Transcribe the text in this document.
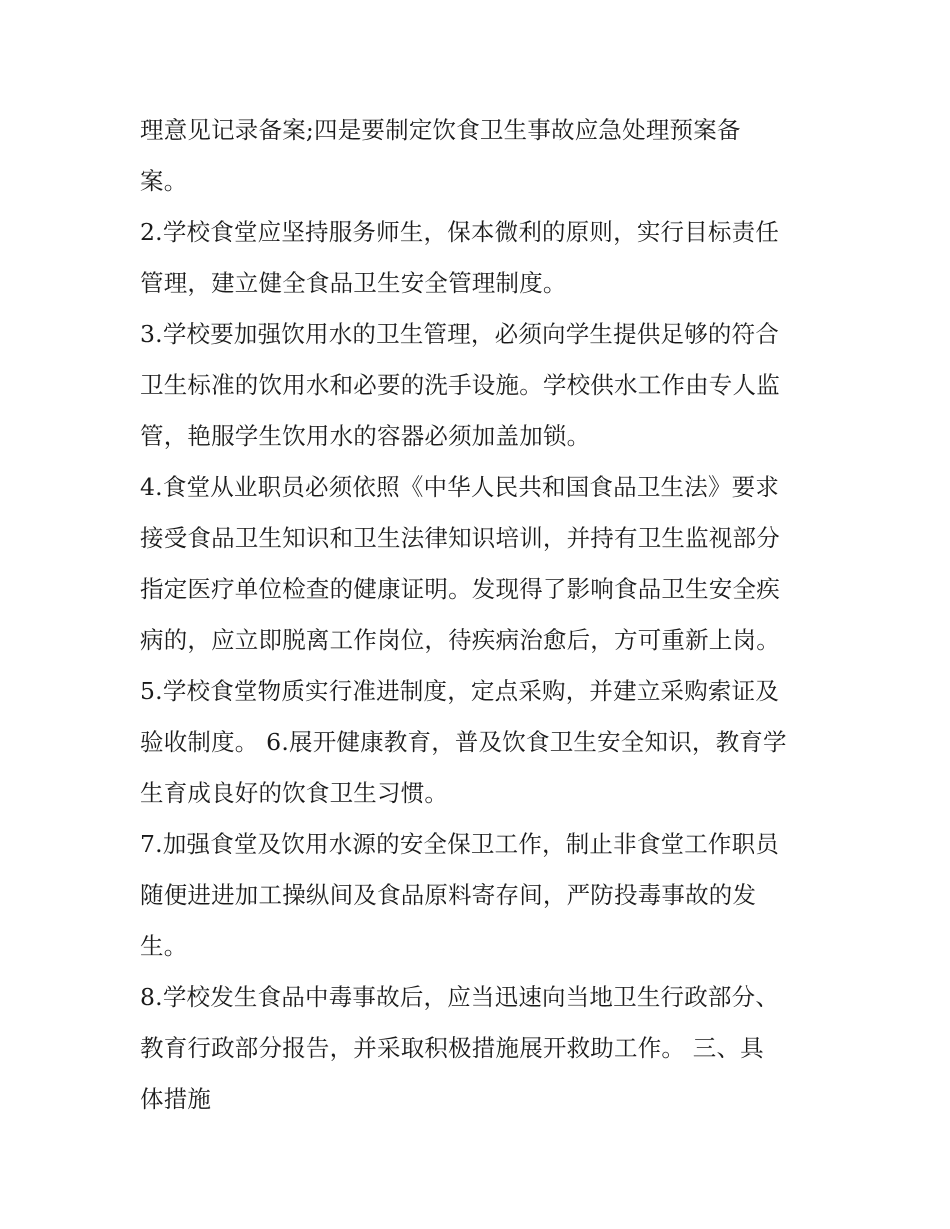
理意见记录备案;四是要制定饮食卫生事故应急处理预案备
案。
2.学校食堂应坚持服务师生，保本微利的原则，实行目标责任
管理，建立健全食品卫生安全管理制度。
3.学校要加强饮用水的卫生管理，必须向学生提供足够的符合
卫生标准的饮用水和必要的洗手设施。学校供水工作由专人监
管，艳服学生饮用水的容器必须加盖加锁。
4.食堂从业职员必须依照《中华人民共和国食品卫生法》要求
接受食品卫生知识和卫生法律知识培训，并持有卫生监视部分
指定医疗单位检查的健康证明。发现得了影响食品卫生安全疾
病的，应立即脱离工作岗位，待疾病治愈后，方可重新上岗。
5.学校食堂物质实行准进制度，定点采购，并建立采购索证及
验收制度。 6.展开健康教育，普及饮食卫生安全知识，教育学
生育成良好的饮食卫生习惯。
7.加强食堂及饮用水源的安全保卫工作，制止非食堂工作职员
随便进进加工操纵间及食品原料寄存间，严防投毒事故的发
生。
8.学校发生食品中毒事故后，应当迅速向当地卫生行政部分、
教育行政部分报告，并采取积极措施展开救助工作。 三、具
体措施
